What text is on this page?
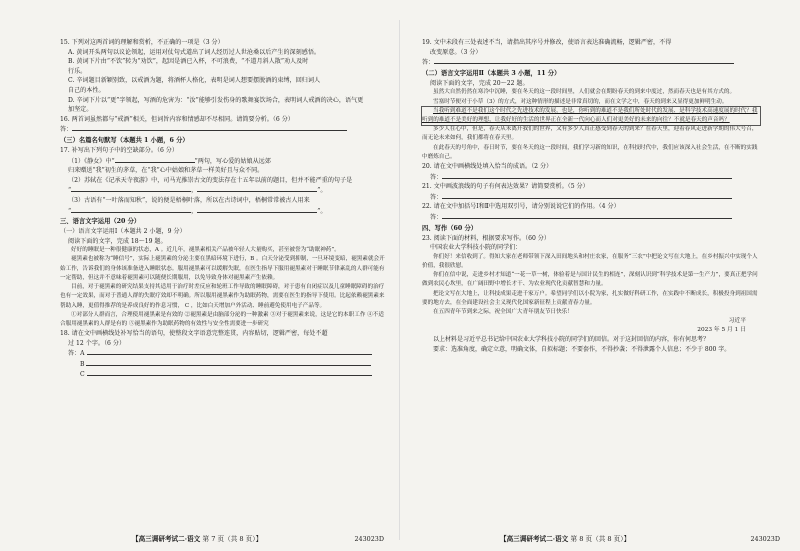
15. 下列对这两首词的理解和赏析，不正确的一项是（3 分）

A. 黄词开头两句以议论领起，运用对仗句式道出了词人经历过人世沧桑以后产生的深刻感悟。

B. 黄词下片由“不饮”转为“劝饮”，起因是酒已入杯，不可浪费，“不道月斜人散”劝人及时

行乐。

C. 辛词题目新颖别致，以戒酒为题，将酒杯人格化，表明是词人想要摆脱酒的束缚，回归词人

自己的本性。

D. 辛词下片以“更”字领起，写酒的危害为：“汝”能够引发伤身的歌舞宴饮场合，表明词人戒酒的决心，语气更

加坚定。

16. 两首词虽然都与“戒酒”相关，但词旨内容和情感却不尽相同。请简要分析。（6 分）

答：

（三）名篇名句默写（本题共 1 小题，6 分）

17. 补写出下列句子中的空缺部分。（6 分）

（1）《静女》中“	”两句，写心爱的姑娘从远郊

归来赠送“我”初生的茅草，在“我”心中姑娘和茅草一样美好且与众不同。

（2）苏轼在《记承天寺夜游》中，司马光推崇古文的变法存在十五年以前的题目，但并不能严重的句子是

“	，	”。

（3）古语有“一叶落而知秋”，说的便是梧桐叶落，所以在古诗词中，梧桐常常被古人用来

“	，	”。

三、语言文字运用（20 分）

（一）语言文字运用Ⅰ（本题共 2 小题，9 分）

阅读下面的文字，完成 18～19 题。

好好的睡眠是一种很健康的状态，A 。近几年，褪黑素相关产品被年轻人大量购买，甚至被誉为“助眠神药”。

褪黑素也被称为“睡信号”，实际上褪黑素的分泌主要在黑暗环境下进行，B 。白天分泌受到抑制，一旦环境变暗，褪黑素就会开始工作，告诉我们的身体该准备进入睡眠状态。服用褪黑素可以缓解失眠，在医生指导下服用褪黑素对于睡眠节律紊乱的人群可能有一定帮助，但这并不意味着褪黑素可以随便长期服用，以免导致身体对褪黑素产生依赖。

目前，对于褪黑素的研究结果支持其适用于治疗时差反应和轮班工作导致的睡眠障碍，对于患有自闭症以及儿童睡眠障碍的治疗也有一定效果，而对于普通人群的失眠疗效却不明确。所以服用褪黑素作为助眠药物，需要在医生的指导下使用。比起依赖褪黑素来帮助入睡，更值得推荐的是养成良好的作息习惯， C ，比如白天增加户外活动、睡前避免使用电子产品等。

①对部分人群而言，合理使用褪黑素是有效的 ②褪黑素是由脑部分泌的一种激素 ③对于褪黑素来说，这是它的本职工作 ④不适合服用褪黑素的人群是有的 ⑤褪黑素作为助眠药物的有效性与安全性需要进一步研究

18. 请在文中画横线处补写恰当的语句，使整段文字语意完整连贯，内容贴切，逻辑严密，每处不超

过 12 个字。（6 分）

答：A

B

C

【高三调研考试二·语文 第 7 页（共 8 页）】	243023D

19. 文中未段有三处表述不当，请指出其序号并修改，使语言表达准确流畅，逻辑严密，不得

改变原意。（3 分）

答：

（二）语言文字运用Ⅱ（本题共 3 小题，11 分）

阅读下面的文字，完成 20～22 题。

虽然大自然仍然在寒冷中沉睡，要在冬天的这一段时间里，人们就会在期盼春天的到来中度过，然而春天也是有其方式的。

雪塞时节便对于小草（3）的方式，对这种情形的描述是非常真切的，而在文学之中，春天的到来又显得更加鲜明生动。

当我听到难道不是我们这个时代之先进技术的发展，也是，你听到的难道不是我们所处时代的发展、是科学技术高速度展的时代？我听到的难道不是美好的理想，让我好好的生活的世界正在全新一代向心而人们对更美好的未来的向往？不就是春天的声音吗？

多少人在心中，但是，春天从未离开我们的世界，又有多少人真正感受到春天的到来？在春天里，迎着春风走进新学期的伟大号召，而无论未来如何，我们都将在春天里。

在此春天的号角中，春日时节，要在冬天的这一段时间，我们学习新的知识，在科技时代中，我们应该深入社会生活，在不断的实践中磨炼自己。

20. 请在文中画横线处填入恰当的成语。（2 分）

答：

21. 文中画波浪线的句子有何表达效果？请简要赏析。（5 分）

答：

22. 请在文中加括号Ⅰ和Ⅱ中选用双引号，请分别说说它们的作用。（4 分）

答：

四、写作（60 分）

23. 阅读下面的材料，根据要求写作。（60 分）

中国农业大学科技小院的同学们：

你们好！来信收到了。得知大家在老师带领下深入田间地头和村庄农家，在服务“三农”中把论文写在大地上，在乡村振兴中实现个人价值，我很欣慰。

你们在信中说，走进乡村才知道“一花一草一树，体验着是与国计民生的相连”，深刻认识到“科学技术是第一生产力”，要真正把学问做到农民心坎里，在广阔田野中增长才干、为农业现代化贡献智慧和力量。

把论文写在大地上，让科技成果走进千家万户。希望同学们以小院为家，扎实做好科研工作，在实践中不断成长，积极投身到祖国需要的地方去，在全面建设社会主义现代化国家新征程上贡献青春力量。

在五四青年节到来之际，祝全国广大青年朋友节日快乐！

习近平

2023 年 5 月 1 日

以上材料是习近平总书记给中国农业大学科技小院的同学们的回信。对于这封回信的内容，你有何思考？

要求：选准角度，确定立意，明确文体，自拟标题；不要套作，不得抄袭；不得泄露个人信息；不少于 800 字。

【高三调研考试二·语文 第 8 页（共 8 页）】	243023D
